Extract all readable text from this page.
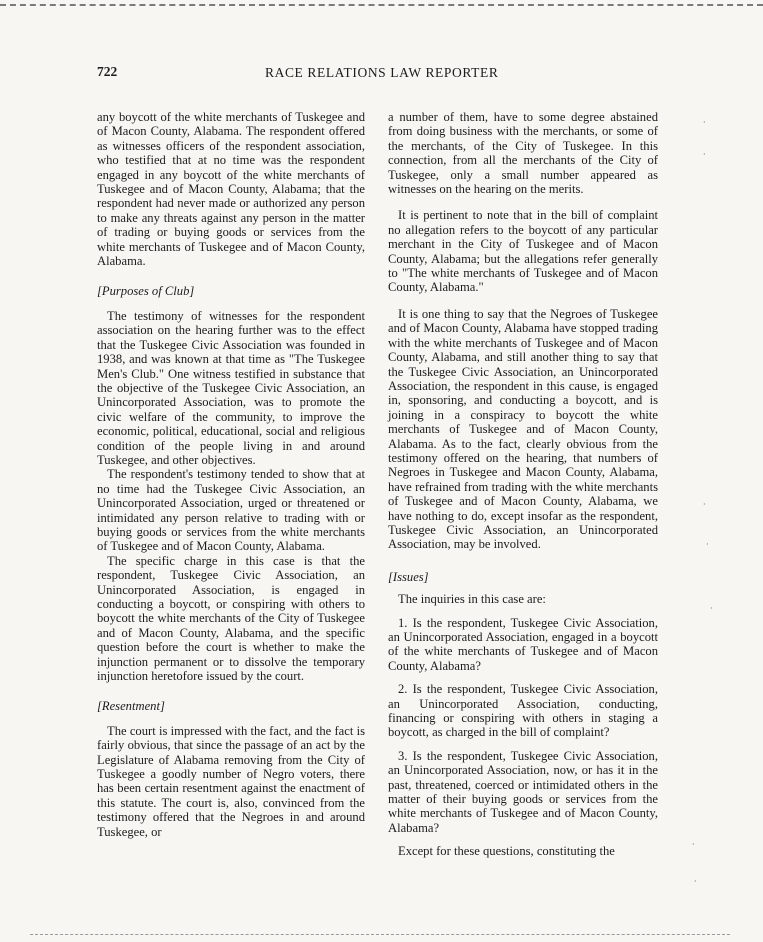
722	RACE RELATIONS LAW REPORTER

any boycott of the white merchants of Tuskegee and of Macon County, Alabama. The respondent offered as witnesses officers of the respondent association, who testified that at no time was the respondent engaged in any boycott of the white merchants of Tuskegee and of Macon County, Alabama; that the respondent had never made or authorized any person to make any threats against any person in the matter of trading or buying goods or services from the white merchants of Tuskegee and of Macon County, Alabama.

[Purposes of Club]

The testimony of witnesses for the respondent association on the hearing further was to the effect that the Tuskegee Civic Association was founded in 1938, and was known at that time as "The Tuskegee Men's Club." One witness testified in substance that the objective of the Tuskegee Civic Association, an Unincorporated Association, was to promote the civic welfare of the community, to improve the economic, political, educational, social and religious condition of the people living in and around Tuskegee, and other objectives.

The respondent's testimony tended to show that at no time had the Tuskegee Civic Association, an Unincorporated Association, urged or threatened or intimidated any person relative to trading with or buying goods or services from the white merchants of Tuskegee and of Macon County, Alabama.

The specific charge in this case is that the respondent, Tuskegee Civic Association, an Unincorporated Association, is engaged in conducting a boycott, or conspiring with others to boycott the white merchants of the City of Tuskegee and of Macon County, Alabama, and the specific question before the court is whether to make the injunction permanent or to dissolve the temporary injunction heretofore issued by the court.

[Resentment]

The court is impressed with the fact, and the fact is fairly obvious, that since the passage of an act by the Legislature of Alabama removing from the City of Tuskegee a goodly number of Negro voters, there has been certain resentment against the enactment of this statute. The court is, also, convinced from the testimony offered that the Negroes in and around Tuskegee, or

a number of them, have to some degree abstained from doing business with the merchants, or some of the merchants, of the City of Tuskegee. In this connection, from all the merchants of the City of Tuskegee, only a small number appeared as witnesses on the hearing on the merits.

It is pertinent to note that in the bill of complaint no allegation refers to the boycott of any particular merchant in the City of Tuskegee and of Macon County, Alabama; but the allegations refer generally to "The white merchants of Tuskegee and of Macon County, Alabama."

It is one thing to say that the Negroes of Tuskegee and of Macon County, Alabama have stopped trading with the white merchants of Tuskegee and of Macon County, Alabama, and still another thing to say that the Tuskegee Civic Association, an Unincorporated Association, the respondent in this cause, is engaged in, sponsoring, and conducting a boycott, and is joining in a conspiracy to boycott the white merchants of Tuskegee and of Macon County, Alabama. As to the fact, clearly obvious from the testimony offered on the hearing, that numbers of Negroes in Tuskegee and Macon County, Alabama, have refrained from trading with the white merchants of Tuskegee and of Macon County, Alabama, we have nothing to do, except insofar as the respondent, Tuskegee Civic Association, an Unincorporated Association, may be involved.

[Issues]

The inquiries in this case are:

1. Is the respondent, Tuskegee Civic Association, an Unincorporated Association, engaged in a boycott of the white merchants of Tuskegee and of Macon County, Alabama?

2. Is the respondent, Tuskegee Civic Association, an Unincorporated Association, conducting, financing or conspiring with others in staging a boycott, as charged in the bill of complaint?

3. Is the respondent, Tuskegee Civic Association, an Unincorporated Association, now, or has it in the past, threatened, coerced or intimidated others in the matter of their buying goods or services from the white merchants of Tuskegee and of Macon County, Alabama?

Except for these questions, constituting the

·
·
·
·
·
·
·
